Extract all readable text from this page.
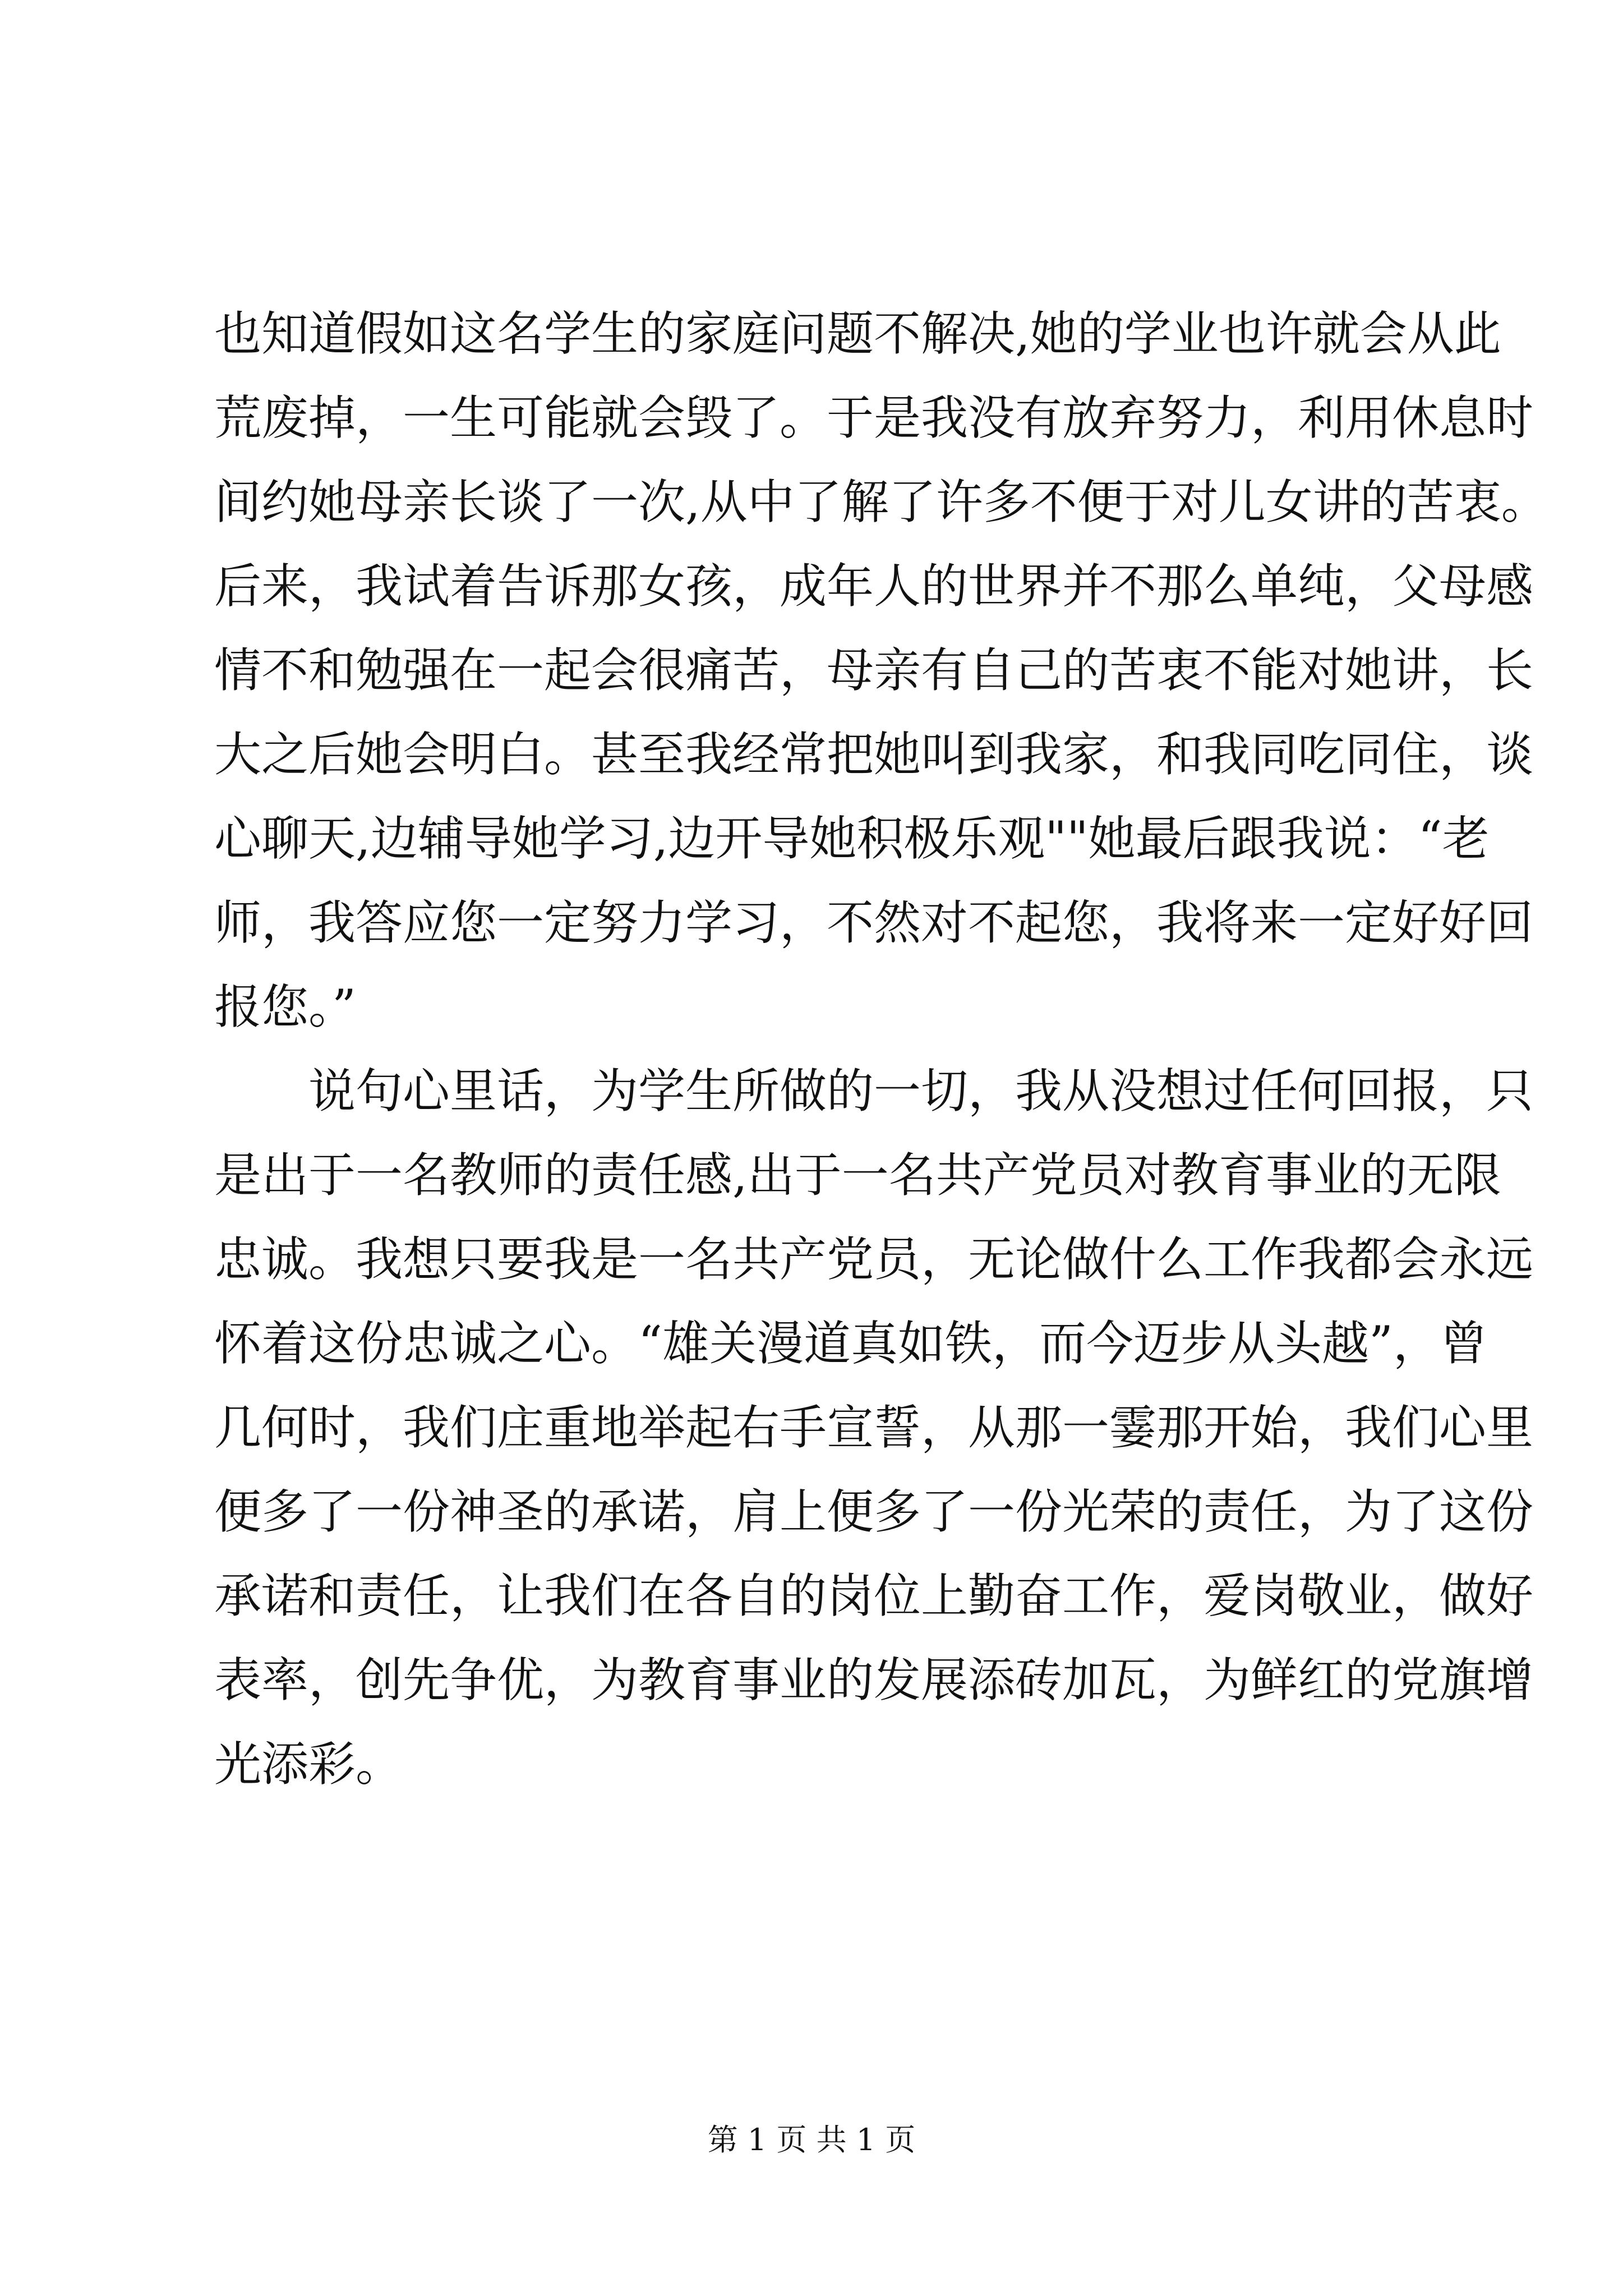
也知道假如这名学生的家庭问题不解决,她的学业也许就会从此
荒废掉，一生可能就会毁了。于是我没有放弃努力，利用休息时
间约她母亲长谈了一次,从中了解了许多不便于对儿女讲的苦衷。
后来，我试着告诉那女孩，成年人的世界并不那么单纯，父母感
情不和勉强在一起会很痛苦，母亲有自己的苦衷不能对她讲，长
大之后她会明白。甚至我经常把她叫到我家，和我同吃同住，谈
心聊天,边辅导她学习,边开导她积极乐观""她最后跟我说：“老
师，我答应您一定努力学习，不然对不起您，我将来一定好好回
报您。”
　　说句心里话，为学生所做的一切，我从没想过任何回报，只
是出于一名教师的责任感,出于一名共产党员对教育事业的无限
忠诚。我想只要我是一名共产党员，无论做什么工作我都会永远
怀着这份忠诚之心。“雄关漫道真如铁，而今迈步从头越”，曾
几何时，我们庄重地举起右手宣誓，从那一霎那开始，我们心里
便多了一份神圣的承诺，肩上便多了一份光荣的责任，为了这份
承诺和责任，让我们在各自的岗位上勤奋工作，爱岗敬业，做好
表率，创先争优，为教育事业的发展添砖加瓦，为鲜红的党旗增
光添彩。
第 1 页 共 1 页
